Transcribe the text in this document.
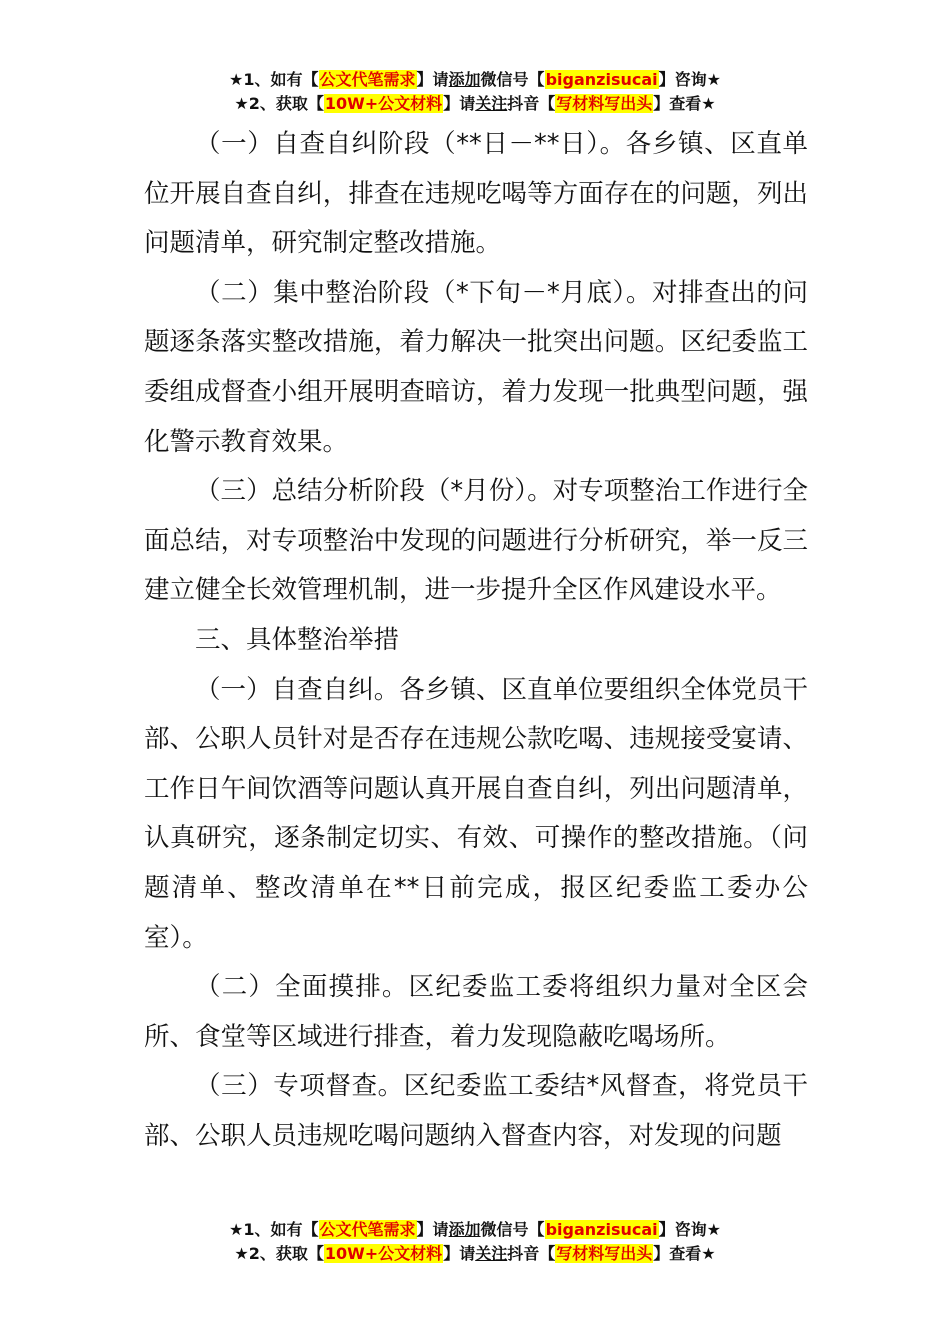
★1、如有【公文代笔需求】请添加微信号【biganzisucai】咨询★
★2、获取【10W+公文材料】请关注抖音【写材料写出头】查看★

（一）自查自纠阶段（**日－**日）。各乡镇、区直单位开展自查自纠，排查在违规吃喝等方面存在的问题，列出问题清单，研究制定整改措施。

（二）集中整治阶段（*下旬－*月底）。对排查出的问题逐条落实整改措施，着力解决一批突出问题。区纪委监工委组成督查小组开展明查暗访，着力发现一批典型问题，强化警示教育效果。

（三）总结分析阶段（*月份）。对专项整治工作进行全面总结，对专项整治中发现的问题进行分析研究，举一反三建立健全长效管理机制，进一步提升全区作风建设水平。

三、具体整治举措

（一）自查自纠。各乡镇、区直单位要组织全体党员干部、公职人员针对是否存在违规公款吃喝、违规接受宴请、工作日午间饮酒等问题认真开展自查自纠，列出问题清单，认真研究，逐条制定切实、有效、可操作的整改措施。（问题清单、整改清单在**日前完成，报区纪委监工委办公室）。

（二）全面摸排。区纪委监工委将组织力量对全区会所、食堂等区域进行排查，着力发现隐蔽吃喝场所。

（三）专项督查。区纪委监工委结*风督查，将党员干部、公职人员违规吃喝问题纳入督查内容，对发现的问题

★1、如有【公文代笔需求】请添加微信号【biganzisucai】咨询★
★2、获取【10W+公文材料】请关注抖音【写材料写出头】查看★
